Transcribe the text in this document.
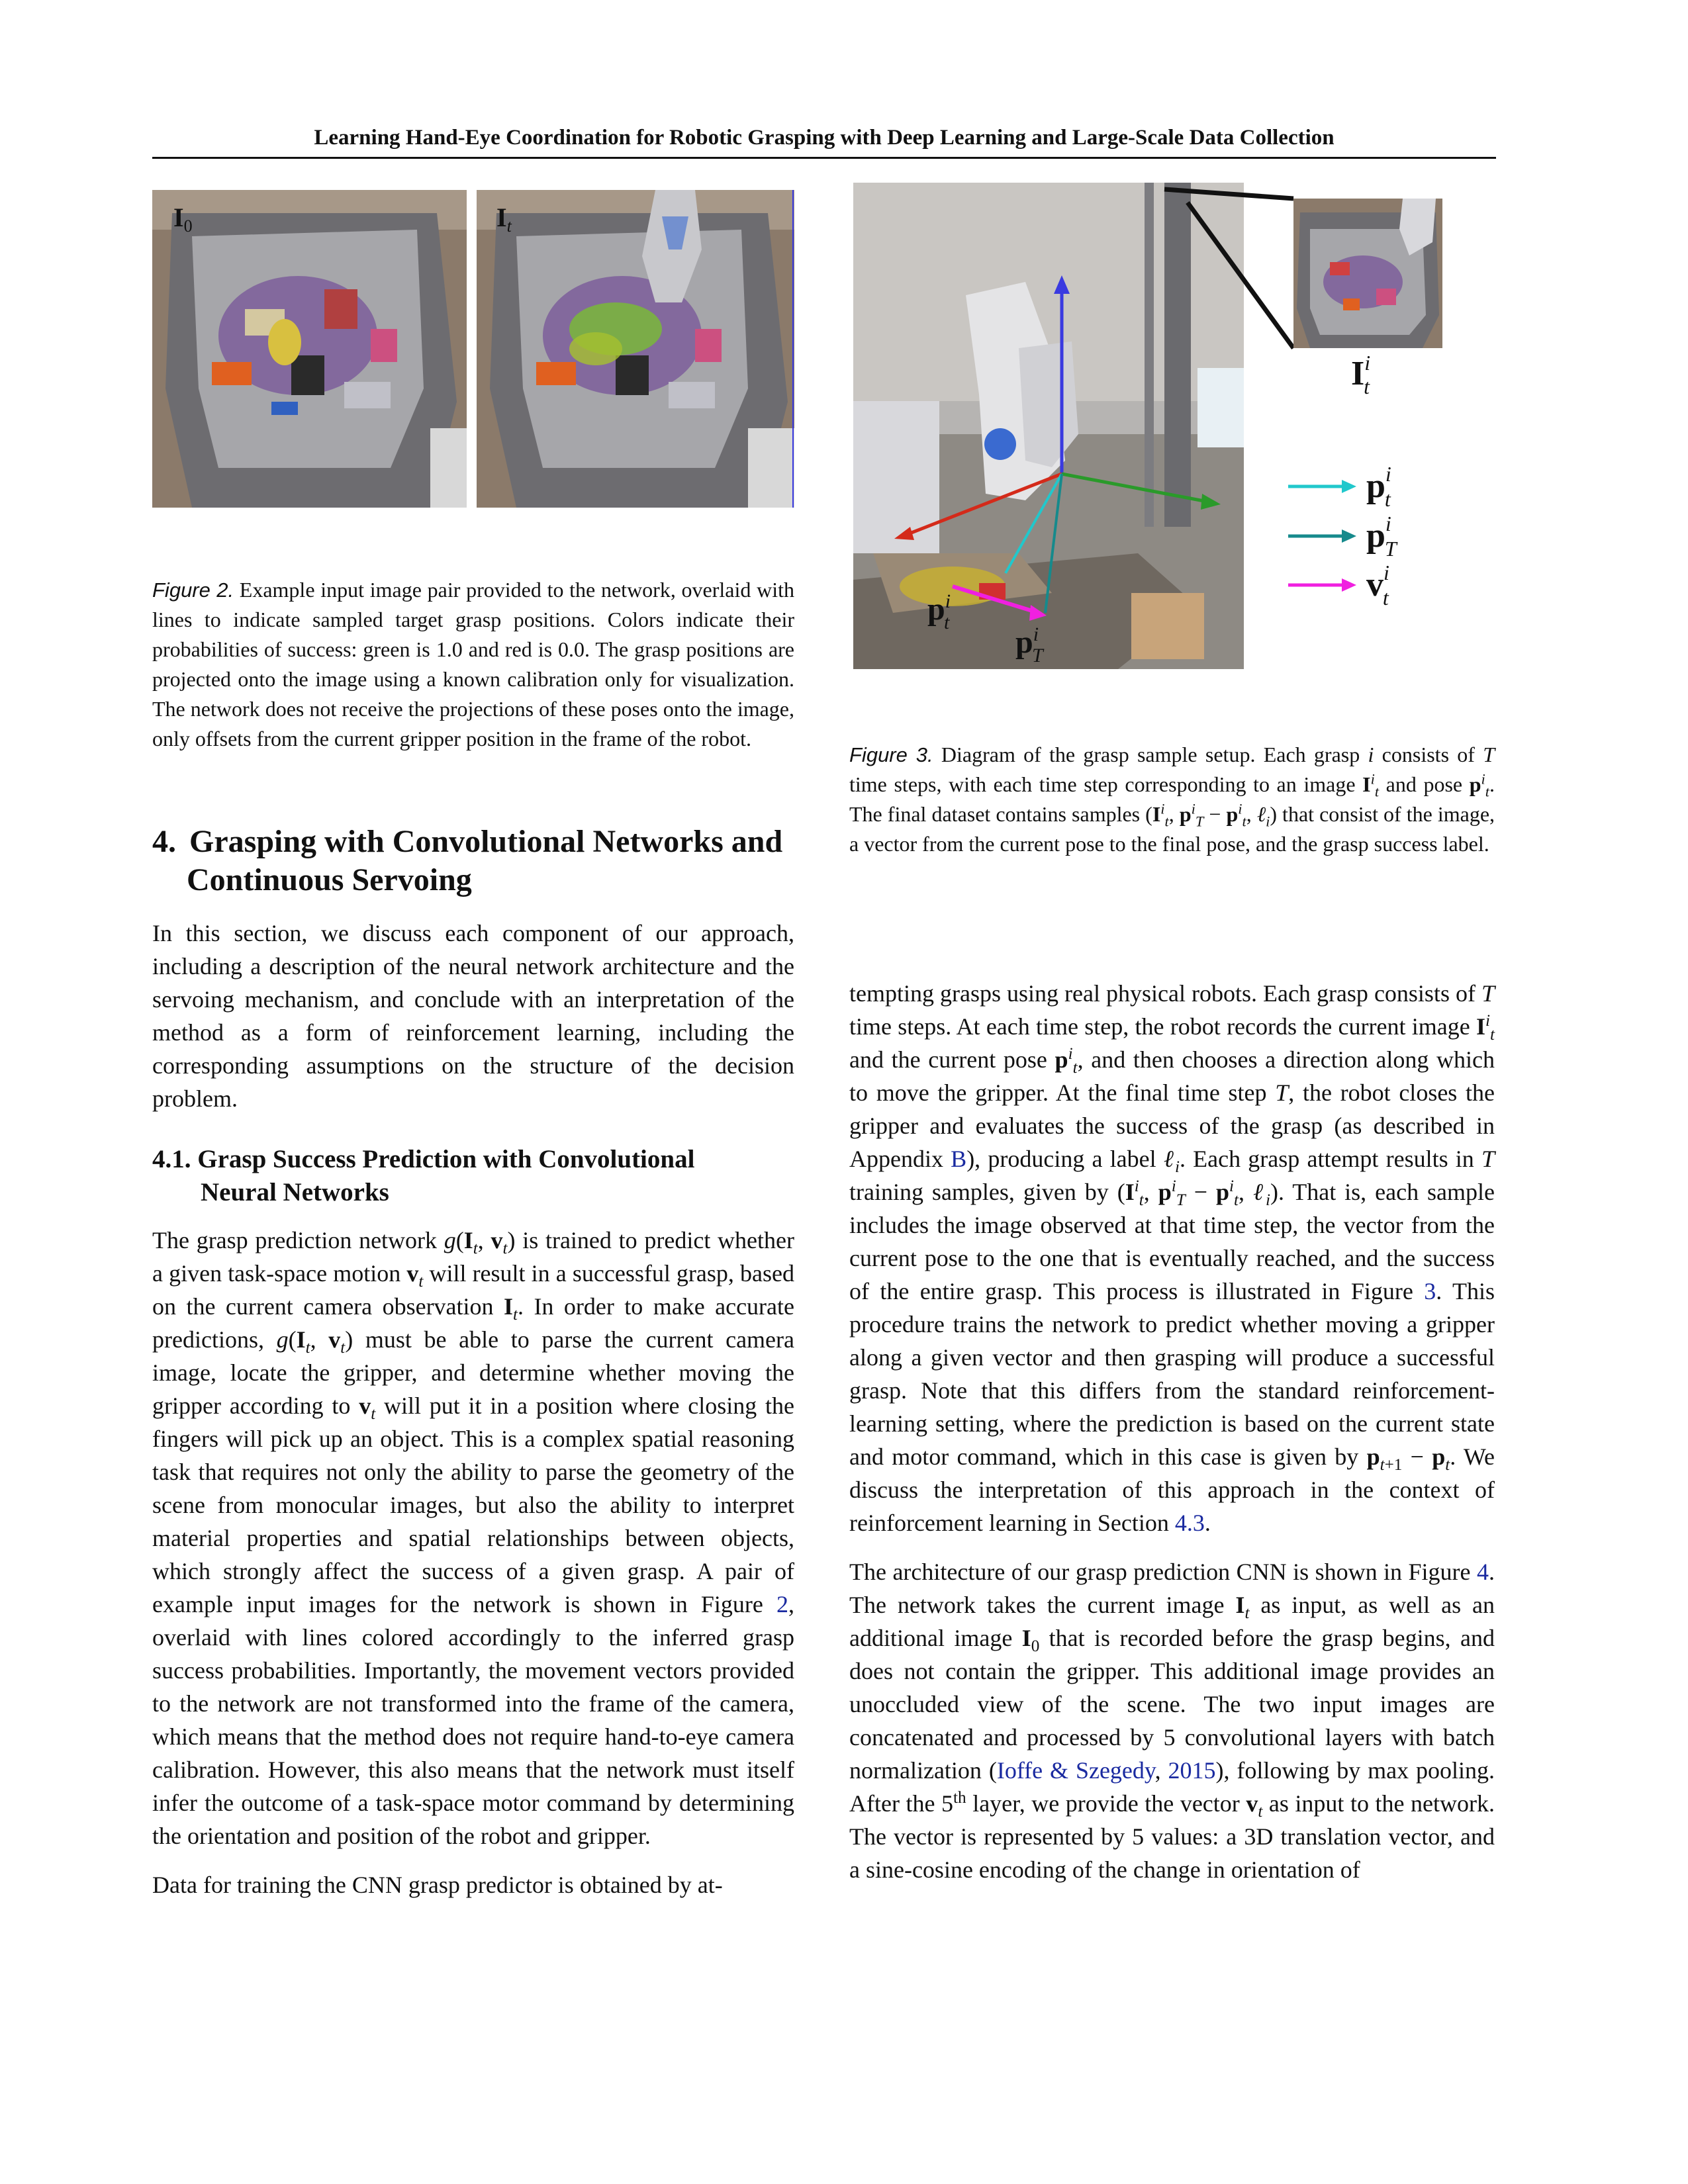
Learning Hand-Eye Coordination for Robotic Grasping with Deep Learning and Large-Scale Data Collection
$I_0$	$I_t$
Figure 2. Example input image pair provided to the network, overlaid with lines to indicate sampled target grasp positions. Colors indicate their probabilities of success: green is 1.0 and red is 0.0. The grasp positions are projected onto the image using a known calibration only for visualization. The network does not receive the projections of these poses onto the image, only offsets from the current gripper position in the frame of the robot.
4. Grasping with Convolutional Networks and
Continuous Servoing

In this section, we discuss each component of our approach, including a description of the neural network architecture and the servoing mechanism, and conclude with an interpretation of the method as a form of reinforcement learning, including the corresponding assumptions on the structure of the decision problem.

4.1. Grasp Success Prediction with Convolutional
Neural Networks

The grasp prediction network $g(I_t$, $v_t$) is trained to predict whether a given task-space motion $v_t$ will result in a successful grasp, based on the current camera observation $I_t$. In order to make accurate predictions, $g(I_t$, $v_t$) must be able to parse the current camera image, locate the gripper, and determine whether moving the gripper according to $v_t$ will put it in a position where closing the fingers will pick up an object. This is a complex spatial reasoning task that requires not only the ability to parse the geometry of the scene from monocular images, but also the ability to interpret material properties and spatial relationships between objects, which strongly affect the success of a given grasp. A pair of example input images for the network is shown in Figure 2, overlaid with lines colored accordingly to the inferred grasp success probabilities. Importantly, the movement vectors provided to the network are not transformed into the frame of the camera, which means that the method does not require hand-to-eye camera calibration. However, this also means that the network must itself infer the outcome of a task-space motor command by determining the orientation and position of the robot and gripper.

Data for training the CNN grasp predictor is obtained by at-

$p^i$ t
$p^i$ T
$I^i$ t
$p^i$ t
$p^i$ T
$v^i$ t
Figure 3. Diagram of the grasp sample setup. Each grasp i consists of T time steps, with each time step corresponding to an image $I^i_t$ and pose $p^i_t$. The final dataset contains samples ($I^i_t$, $p^i_T - p^i_t$, ℓ$_i$) that consist of the image, a vector from the current pose to the final pose, and the grasp success label.

tempting grasps using real physical robots. Each grasp consists of T time steps. At each time step, the robot records the current image $I^i_t$ and the current pose $p^i_t$, and then chooses a direction along which to move the gripper. At the final time step T, the robot closes the gripper and evaluates the success of the grasp (as described in Appendix B), producing a label ℓ$_i$. Each grasp attempt results in T training samples, given by ($I^i_t$, $p^i_T - p^i_t$, ℓ$_i$). That is, each sample includes the image observed at that time step, the vector from the current pose to the one that is eventually reached, and the success of the entire grasp. This process is illustrated in Figure 3. This procedure trains the network to predict whether moving a gripper along a given vector and then grasping will produce a successful grasp. Note that this differs from the standard reinforcement-learning setting, where the prediction is based on the current state and motor command, which in this case is given by $p_{t+1} - p_t$. We discuss the interpretation of this approach in the context of reinforcement learning in Section 4.3.

The architecture of our grasp prediction CNN is shown in Figure 4. The network takes the current image $I_t$ as input, as well as an additional image $I_0$ that is recorded before the grasp begins, and does not contain the gripper. This additional image provides an unoccluded view of the scene. The two input images are concatenated and processed by 5 convolutional layers with batch normalization (Ioffe & Szegedy, 2015), following by max pooling. After the 5th layer, we provide the vector $v_t$ as input to the network. The vector is represented by 5 values: a 3D translation vector, and a sine-cosine encoding of the change in orientation of
